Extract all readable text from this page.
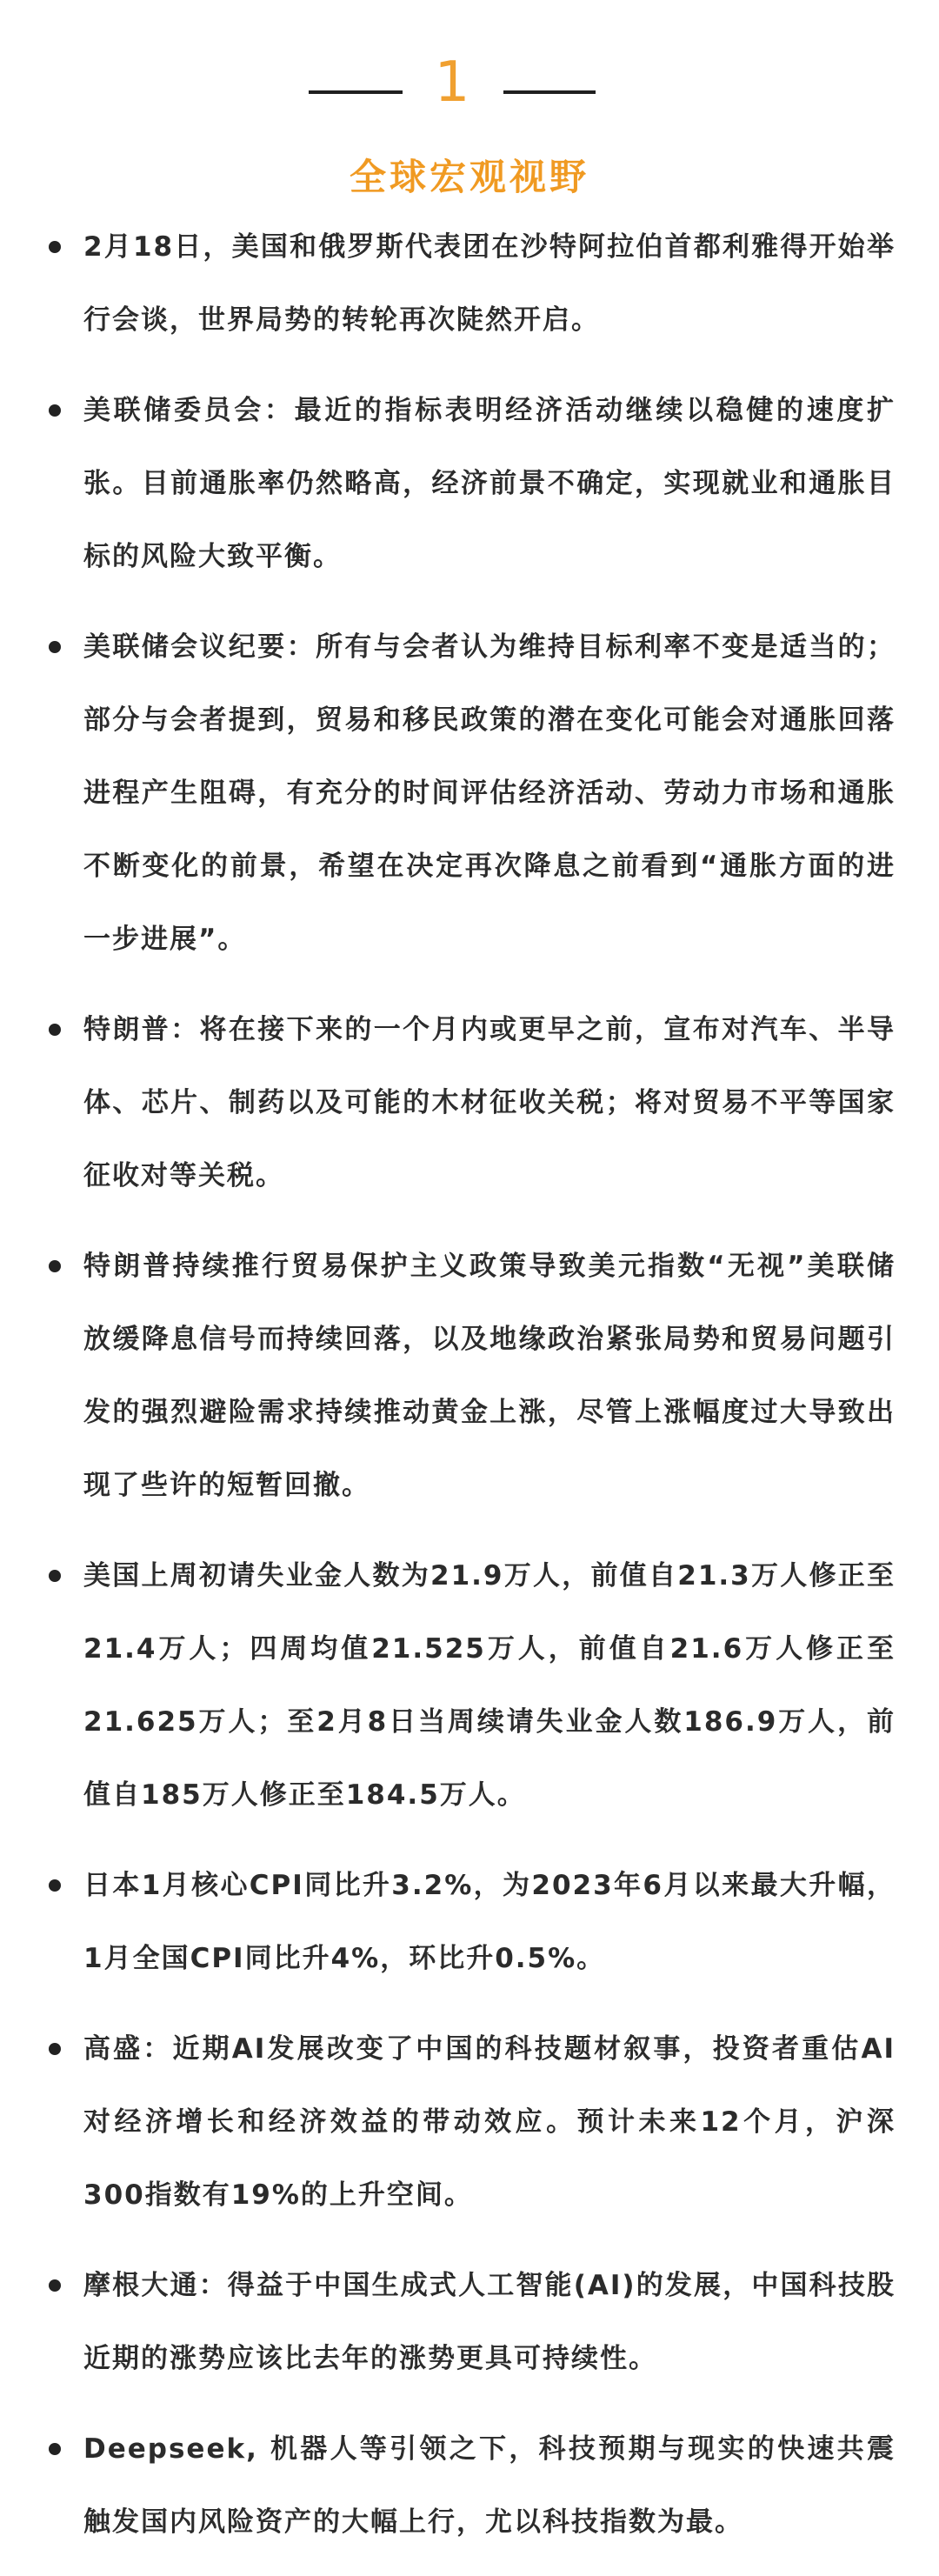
1
全球宏观视野
2月18日，美国和俄罗斯代表团在沙特阿拉伯首都利雅得开始举行会谈，世界局势的转轮再次陡然开启。
美联储委员会：最近的指标表明经济活动继续以稳健的速度扩张。目前通胀率仍然略高，经济前景不确定，实现就业和通胀目标的风险大致平衡。
美联储会议纪要：所有与会者认为维持目标利率不变是适当的；部分与会者提到，贸易和移民政策的潜在变化可能会对通胀回落进程产生阻碍，有充分的时间评估经济活动、劳动力市场和通胀不断变化的前景，希望在决定再次降息之前看到“通胀方面的进一步进展”。
特朗普：将在接下来的一个月内或更早之前，宣布对汽车、半导体、芯片、制药以及可能的木材征收关税；将对贸易不平等国家征收对等关税。
特朗普持续推行贸易保护主义政策导致美元指数“无视”美联储放缓降息信号而持续回落，以及地缘政治紧张局势和贸易问题引发的强烈避险需求持续推动黄金上涨，尽管上涨幅度过大导致出现了些许的短暂回撤。
美国上周初请失业金人数为21.9万人，前值自21.3万人修正至21.4万人；四周均值21.525万人，前值自21.6万人修正至21.625万人；至2月8日当周续请失业金人数186.9万人，前值自185万人修正至184.5万人。
日本1月核心CPI同比升3.2%，为2023年6月以来最大升幅，1月全国CPI同比升4%，环比升0.5%。
高盛：近期AI发展改变了中国的科技题材叙事，投资者重估AI对经济增长和经济效益的带动效应。预计未来12个月，沪深300指数有19%的上升空间。
摩根大通：得益于中国生成式人工智能(AI)的发展，中国科技股近期的涨势应该比去年的涨势更具可持续性。
Deepseek, 机器人等引领之下，科技预期与现实的快速共震触发国内风险资产的大幅上行，尤以科技指数为最。
